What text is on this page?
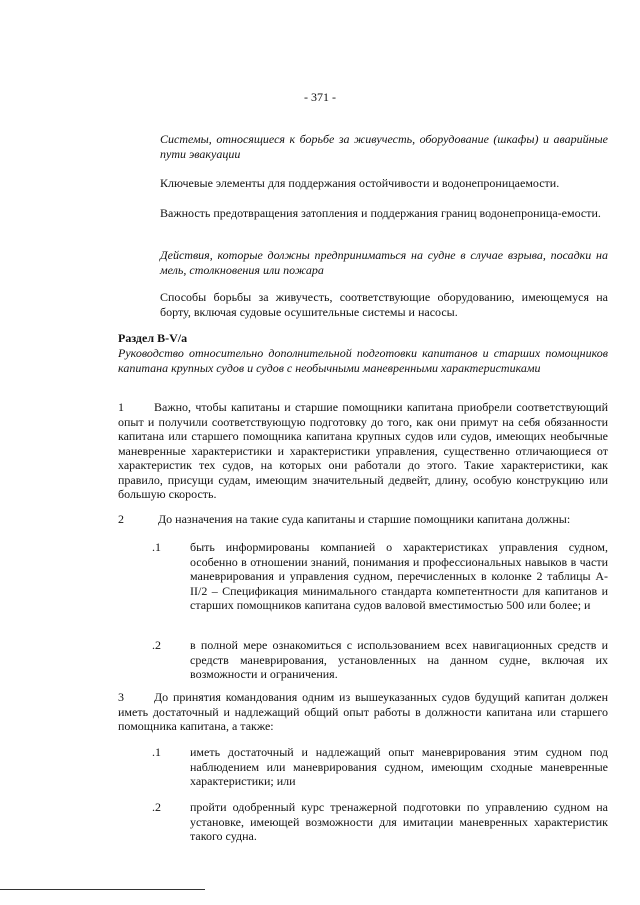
- 371 -

Системы, относящиеся к борьбе за живучесть, оборудование (шкафы) и аварийные пути эвакуации

Ключевые элементы для поддержания остойчивости и водонепроницаемости.

Важность предотвращения затопления и поддержания границ водонепроница-емости.

Действия, которые должны предприниматься на судне в случае взрыва, посадки на мель, столкновения или пожара

Способы борьбы за живучесть, соответствующие оборудованию, имеющемуся на борту, включая судовые осушительные системы и насосы.

Раздел В-V/а

Руководство относительно дополнительной подготовки капитанов и старших помощников капитана крупных судов и судов с необычными маневренными характеристиками

1	Важно, чтобы капитаны и старшие помощники капитана приобрели соответствующий опыт и получили соответствующую подготовку до того, как они примут на себя обязанности капитана или старшего помощника капитана крупных судов или судов, имеющих необычные маневренные характеристики и характеристики управления, существенно отличающиеся от характеристик тех судов, на которых они работали до этого. Такие характеристики, как правило, присущи судам, имеющим значительный дедвейт, длину, особую конструкцию или большую скорость.

2	До назначения на такие суда капитаны и старшие помощники капитана должны:

.1 быть информированы компанией о характеристиках управления судном, особенно в отношении знаний, понимания и профессиональных навыков в части маневрирования и управления судном, перечисленных в колонке 2 таблицы A-II/2 – Спецификация минимального стандарта компетентности для капитанов и старших помощников капитана судов валовой вместимостью 500 или более; и

.2 в полной мере ознакомиться с использованием всех навигационных средств и средств маневрирования, установленных на данном судне, включая их возможности и ограничения.

3	До принятия командования одним из вышеуказанных судов будущий капитан должен иметь достаточный и надлежащий общий опыт работы в должности капитана или старшего помощника капитана, а также:

.1 иметь достаточный и надлежащий опыт маневрирования этим судном под наблюдением или маневрирования судном, имеющим сходные маневренные характеристики; или

.2 пройти одобренный курс тренажерной подготовки по управлению судном на установке, имеющей возможности для имитации маневренных характеристик такого судна.
